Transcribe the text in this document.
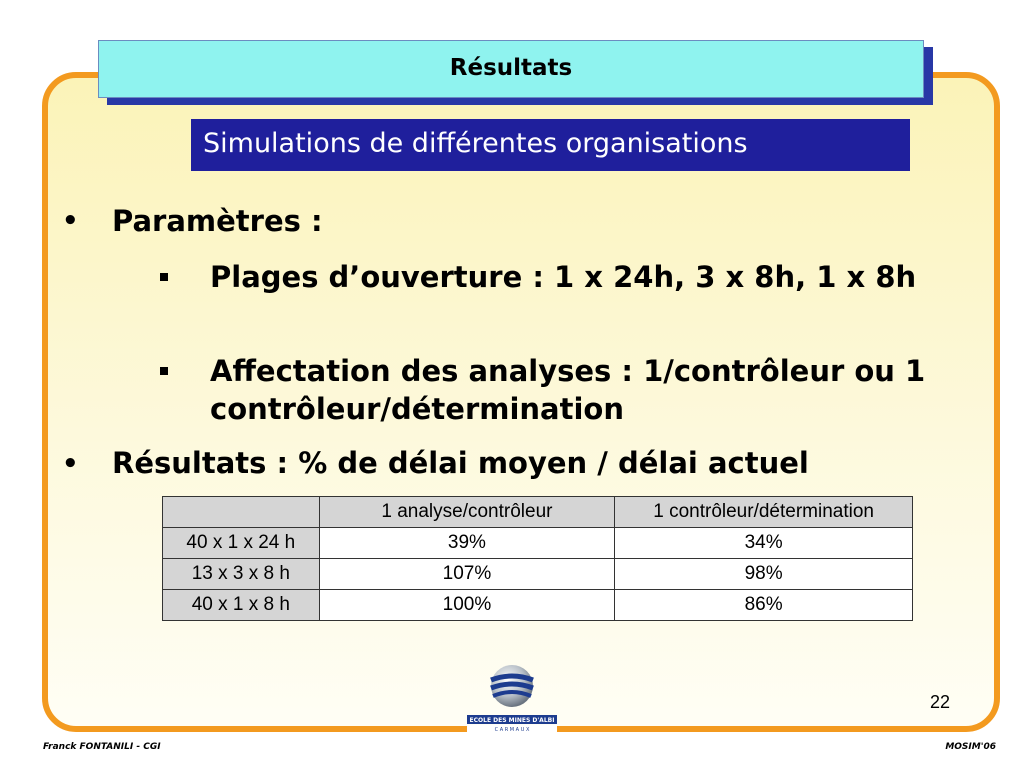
Résultats
Simulations de différentes organisations
• Paramètres :
Plages d’ouverture : 1 x 24h, 3 x 8h, 1 x 8h
Affectation des analyses : 1/contrôleur ou 1 contrôleur/détermination
• Résultats : % de délai moyen / délai actuel
	1 analyse/contrôleur	1 contrôleur/détermination
40 x 1 x 24 h	39%	34%
13 x 3 x 8 h	107%	98%
40 x 1 x 8 h	100%	86%
ECOLE DES MINES D'ALBI
C A R M A U X
22
Franck FONTANILI - CGI	MOSIM'06
